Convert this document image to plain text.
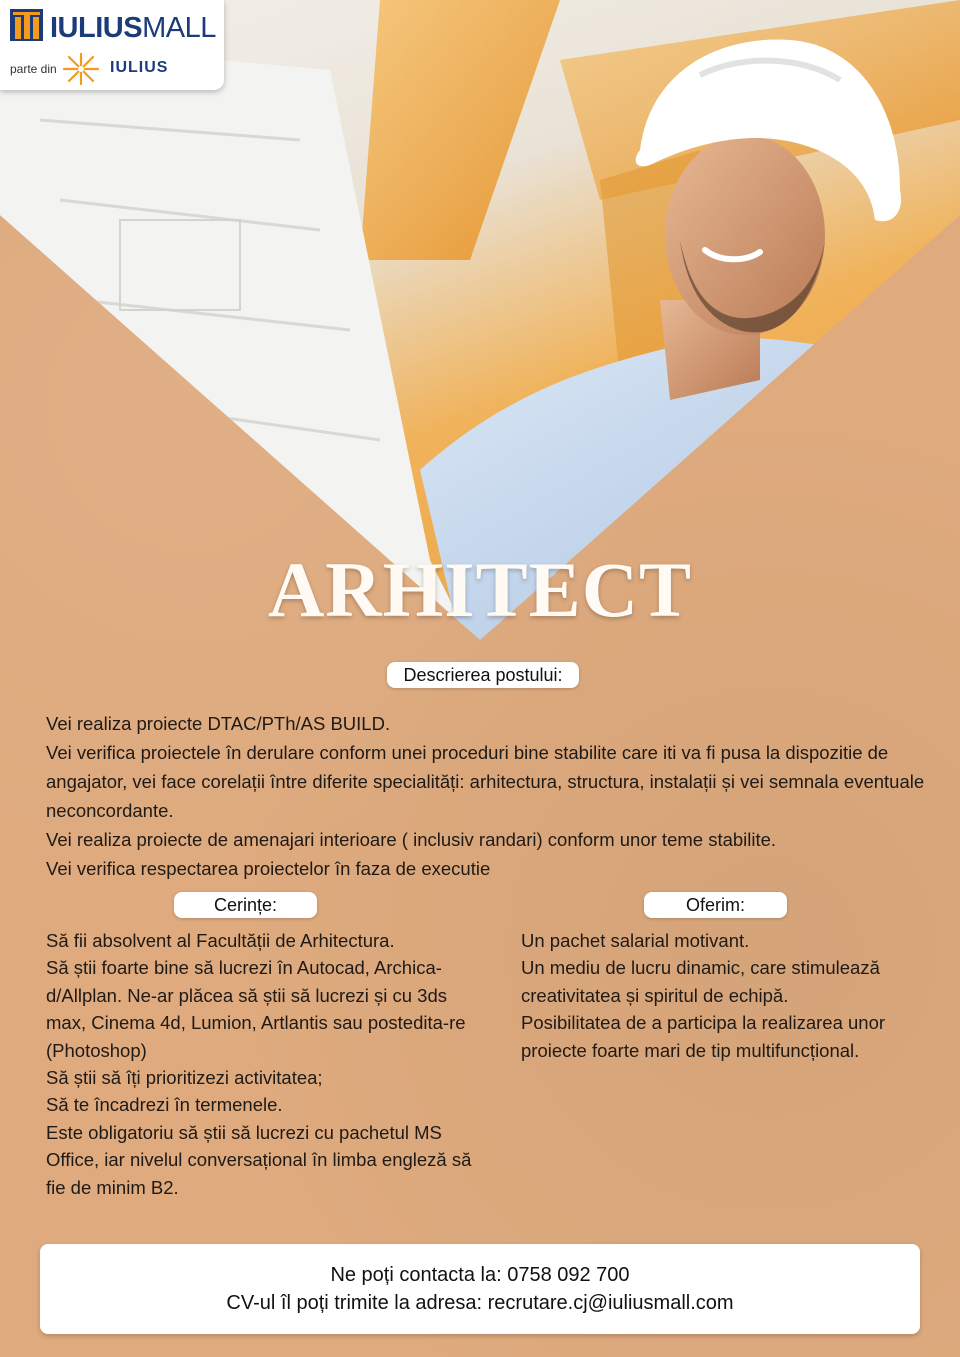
IULIUSMALL
parte din	IULIUS
ARHITECT
Descrierea postului:

Vei realiza proiecte DTAC/PTh/AS BUILD.

Vei verifica proiectele în derulare conform unei proceduri bine stabilite care iti va fi pusa la dispozitie de angajator, vei face corelații între diferite specialități: arhitectura, structura, instalații și vei semnala eventuale neconcordante.

Vei realiza proiecte de amenajari interioare ( inclusiv randari) conform unor teme stabilite.

Vei verifica respectarea proiectelor în faza de executie

Cerințe:

Să fii absolvent al Facultății de Arhitectura.

Să știi foarte bine să lucrezi în Autocad, Archica-d/Allplan. Ne-ar plăcea să știi să lucrezi și cu 3ds max, Cinema 4d, Lumion, Artlantis sau postedita-re (Photoshop)

Să știi să îți prioritizezi activitatea;

Să te încadrezi în termenele.

Este obligatoriu să știi să lucrezi cu pachetul MS Office, iar nivelul conversațional în limba engleză să fie de minim B2.

Oferim:

Un pachet salarial motivant.

Un mediu de lucru dinamic, care stimulează creativitatea și spiritul de echipă.

Posibilitatea de a participa la realizarea unor proiecte foarte mari de tip multifuncțional.

Ne poți contacta la: 0758 092 700
CV-ul îl poți trimite la adresa: recrutare.cj@iuliusmall.com
